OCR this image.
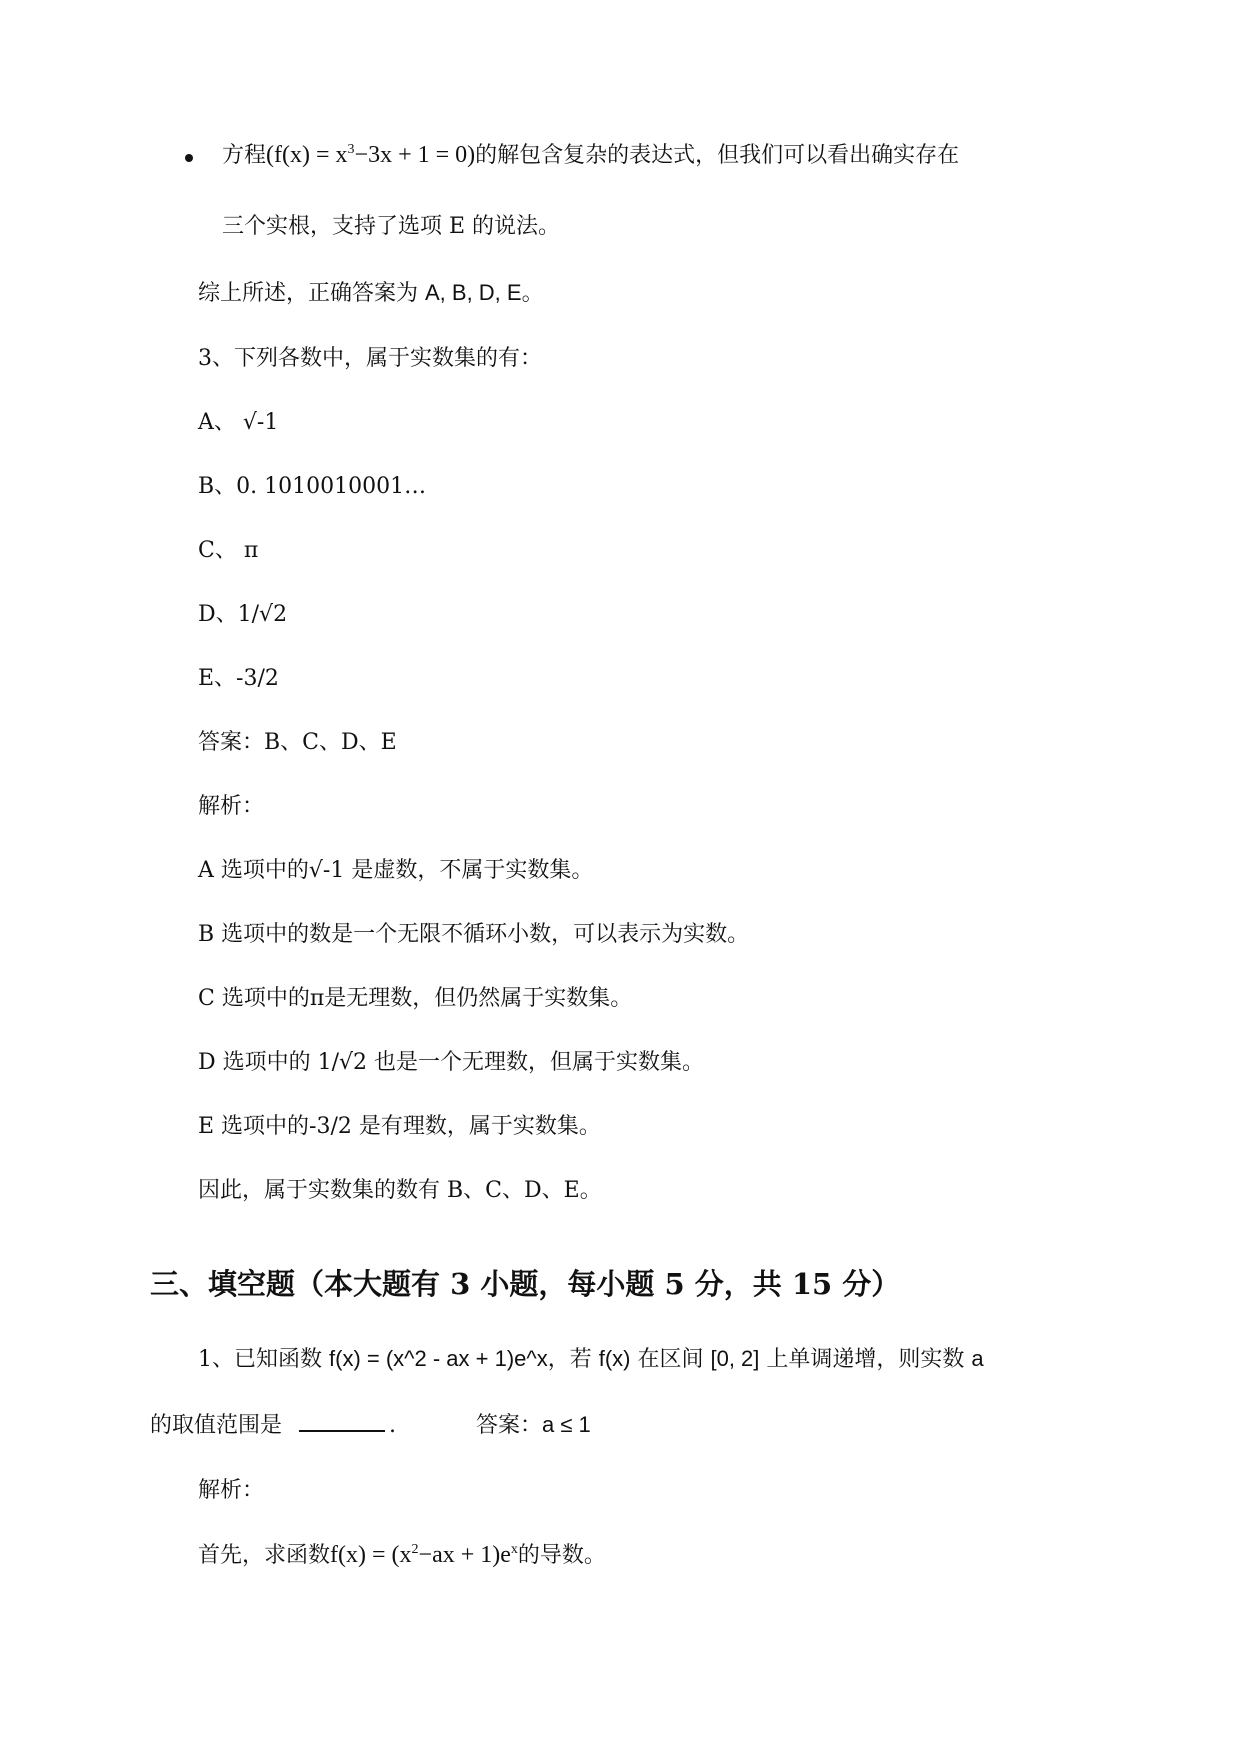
方程$(f(x) = x^3-3x + 1 = 0)$的解包含复杂的表达式，但我们可以看出确实存在
三个实根，支持了选项 E 的说法。
综上所述，正确答案为 A, B, D, E。
3、下列各数中，属于实数集的有：
A、 √-1
B、0. 1010010001…
C、 π
D、1/√2
E、-3/2
答案：B、C、D、E
解析：
A 选项中的√-1 是虚数，不属于实数集。
B 选项中的数是一个无限不循环小数，可以表示为实数。
C 选项中的π是无理数，但仍然属于实数集。
D 选项中的 1/√2 也是一个无理数，但属于实数集。
E 选项中的-3/2 是有理数，属于实数集。
因此，属于实数集的数有 B、C、D、E。
三、填空题（本大题有 3 小题，每小题 5 分，共 15 分）
1、已知函数 f(x) = (x^2 - ax + 1)e^x，若 f(x) 在区间 [0, 2] 上单调递增，则实数 a
的取值范围是	.	答案：a ≤ 1
解析：
首先，求函数$f(x) = (x^2-ax + 1)e^x$的导数。
